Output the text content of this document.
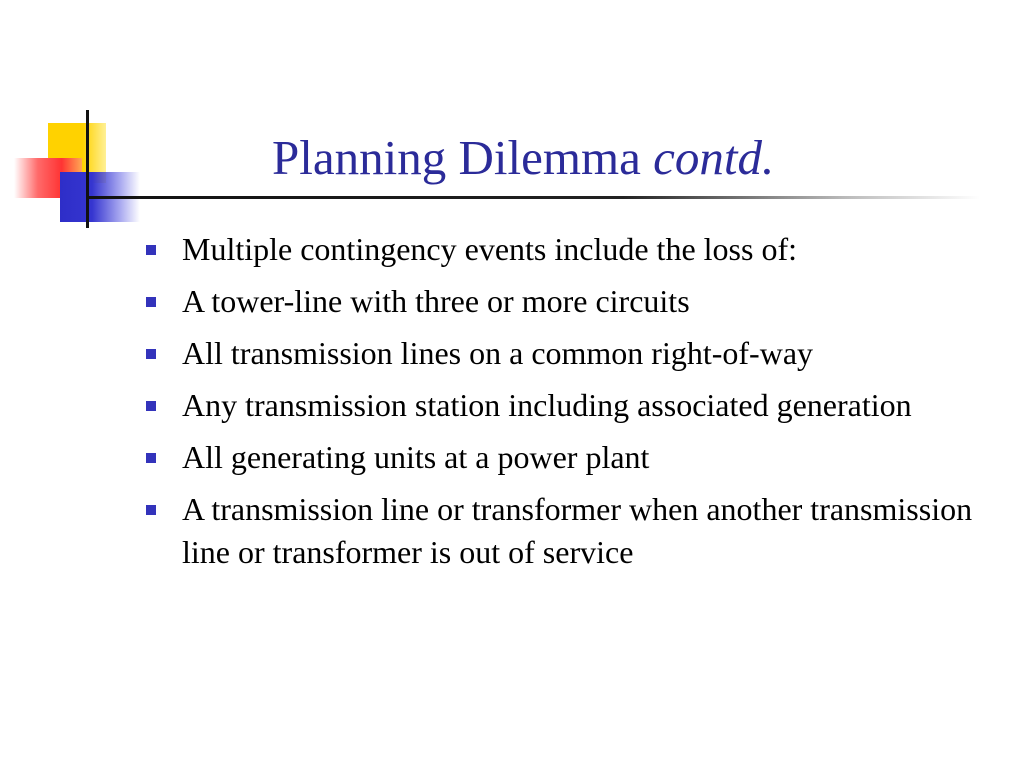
Planning Dilemma contd.
Multiple contingency events include the loss of:
A tower-line with three or more circuits
All transmission lines on a common right-of-way
Any transmission station including associated generation
All generating units at a power plant
A transmission line or transformer when another transmission line or transformer is out of service
